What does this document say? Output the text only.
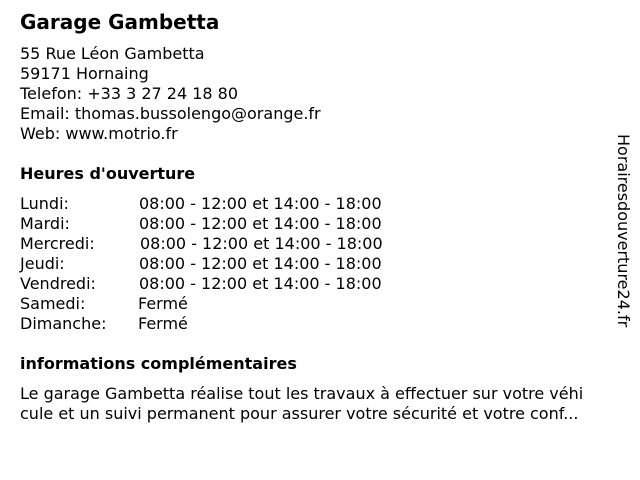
Garage Gambetta
55 Rue Léon Gambetta
59171 Hornaing
Telefon: +33 3 27 24 18 80
Email: thomas.bussolengo@orange.fr
Web: www.motrio.fr
Heures d'ouverture
Lundi:	08:00 - 12:00 et 14:00 - 18:00
Mardi:	08:00 - 12:00 et 14:00 - 18:00
Mercredi:	08:00 - 12:00 et 14:00 - 18:00
Jeudi:	08:00 - 12:00 et 14:00 - 18:00
Vendredi:	08:00 - 12:00 et 14:00 - 18:00
Samedi:	Fermé
Dimanche: Fermé
informations complémentaires
Le garage Gambetta réalise tout les travaux à effectuer sur votre véhi
cule et un suivi permanent pour assurer votre sécurité et votre conf...
Horairesdouverture24.fr
